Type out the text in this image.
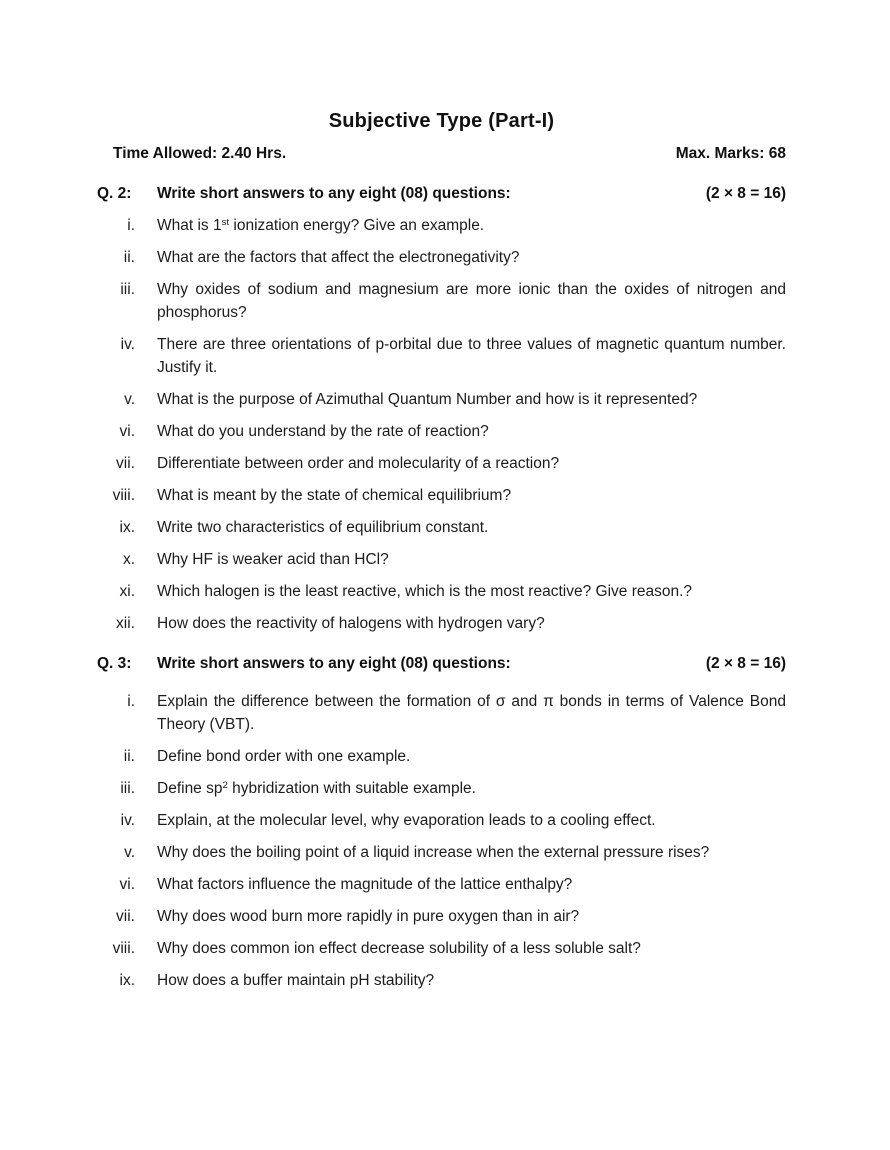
Subjective Type (Part-I)
Time Allowed: 2.40 Hrs.	Max. Marks: 68
Q. 2:	Write short answers to any eight (08) questions:	(2 × 8 = 16)
i. What is 1st ionization energy? Give an example.

ii. What are the factors that affect the electronegativity?

iii. Why oxides of sodium and magnesium are more ionic than the oxides of nitrogen and phosphorus?

iv. There are three orientations of p-orbital due to three values of magnetic quantum number. Justify it.

v. What is the purpose of Azimuthal Quantum Number and how is it represented?

vi. What do you understand by the rate of reaction?

vii. Differentiate between order and molecularity of a reaction?

viii. What is meant by the state of chemical equilibrium?

ix. Write two characteristics of equilibrium constant.

x. Why HF is weaker acid than HCl?

xi. Which halogen is the least reactive, which is the most reactive? Give reason.?

xii. How does the reactivity of halogens with hydrogen vary?

Q. 3:	Write short answers to any eight (08) questions:	(2 × 8 = 16)
i. Explain the difference between the formation of σ and π bonds in terms of Valence Bond Theory (VBT).

ii. Define bond order with one example.

iii. Define $sp^2$ hybridization with suitable example.

iv. Explain, at the molecular level, why evaporation leads to a cooling effect.

v. Why does the boiling point of a liquid increase when the external pressure rises?

vi. What factors influence the magnitude of the lattice enthalpy?

vii. Why does wood burn more rapidly in pure oxygen than in air?

viii. Why does common ion effect decrease solubility of a less soluble salt?

ix. How does a buffer maintain pH stability?
